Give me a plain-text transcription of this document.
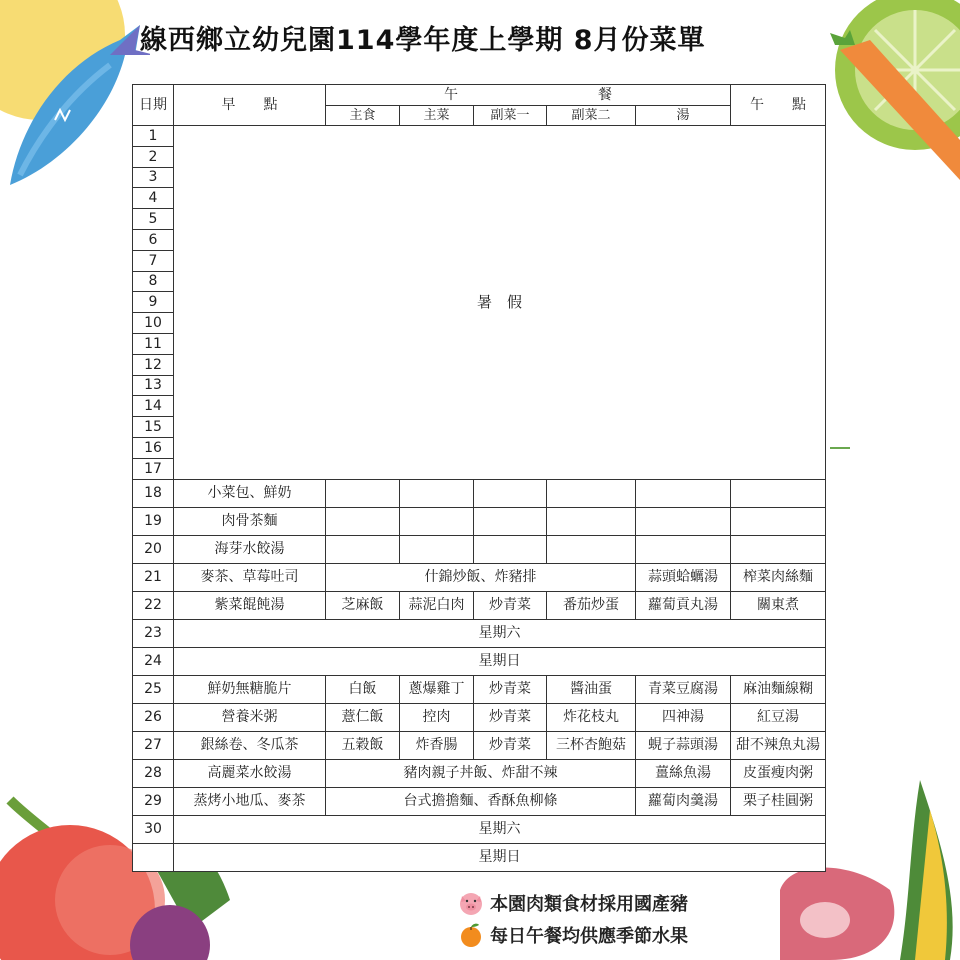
線西鄉立幼兒園114學年度上學期 8月份菜單
日期	早　　點	午　　　　　　　　　　餐					午　　點
		主食	主菜	副菜一	副菜二	湯	
1	暑　假						
2							
3							
4							
5							
6							
7							
8							
9							
10							
11							
12							
13							
14							
15							
16							
17							
18	小菜包、鮮奶						
19	肉骨茶麵						
20	海芽水餃湯						
21	麥茶、草莓吐司	什錦炒飯、炸豬排				蒜頭蛤蠣湯	榨菜肉絲麵
22	紫菜餛飩湯	芝麻飯	蒜泥白肉	炒青菜	番茄炒蛋	蘿蔔貢丸湯	關東煮
23	星期六						
24	星期日						
25	鮮奶無糖脆片	白飯	蔥爆雞丁	炒青菜	醬油蛋	青菜豆腐湯	麻油麵線糊
26	營養米粥	薏仁飯	控肉	炒青菜	炸花枝丸	四神湯	紅豆湯
27	銀絲卷、冬瓜茶	五穀飯	炸香腸	炒青菜	三杯杏鮑菇	蜆子蒜頭湯	甜不辣魚丸湯
28	高麗菜水餃湯	豬肉親子丼飯、炸甜不辣				薑絲魚湯	皮蛋瘦肉粥
29	蒸烤小地瓜、麥茶	台式擔擔麵、香酥魚柳條				蘿蔔肉羹湯	栗子桂圓粥
30	星期六						
	星期日						
本園肉類食材採用國產豬
每日午餐均供應季節水果
